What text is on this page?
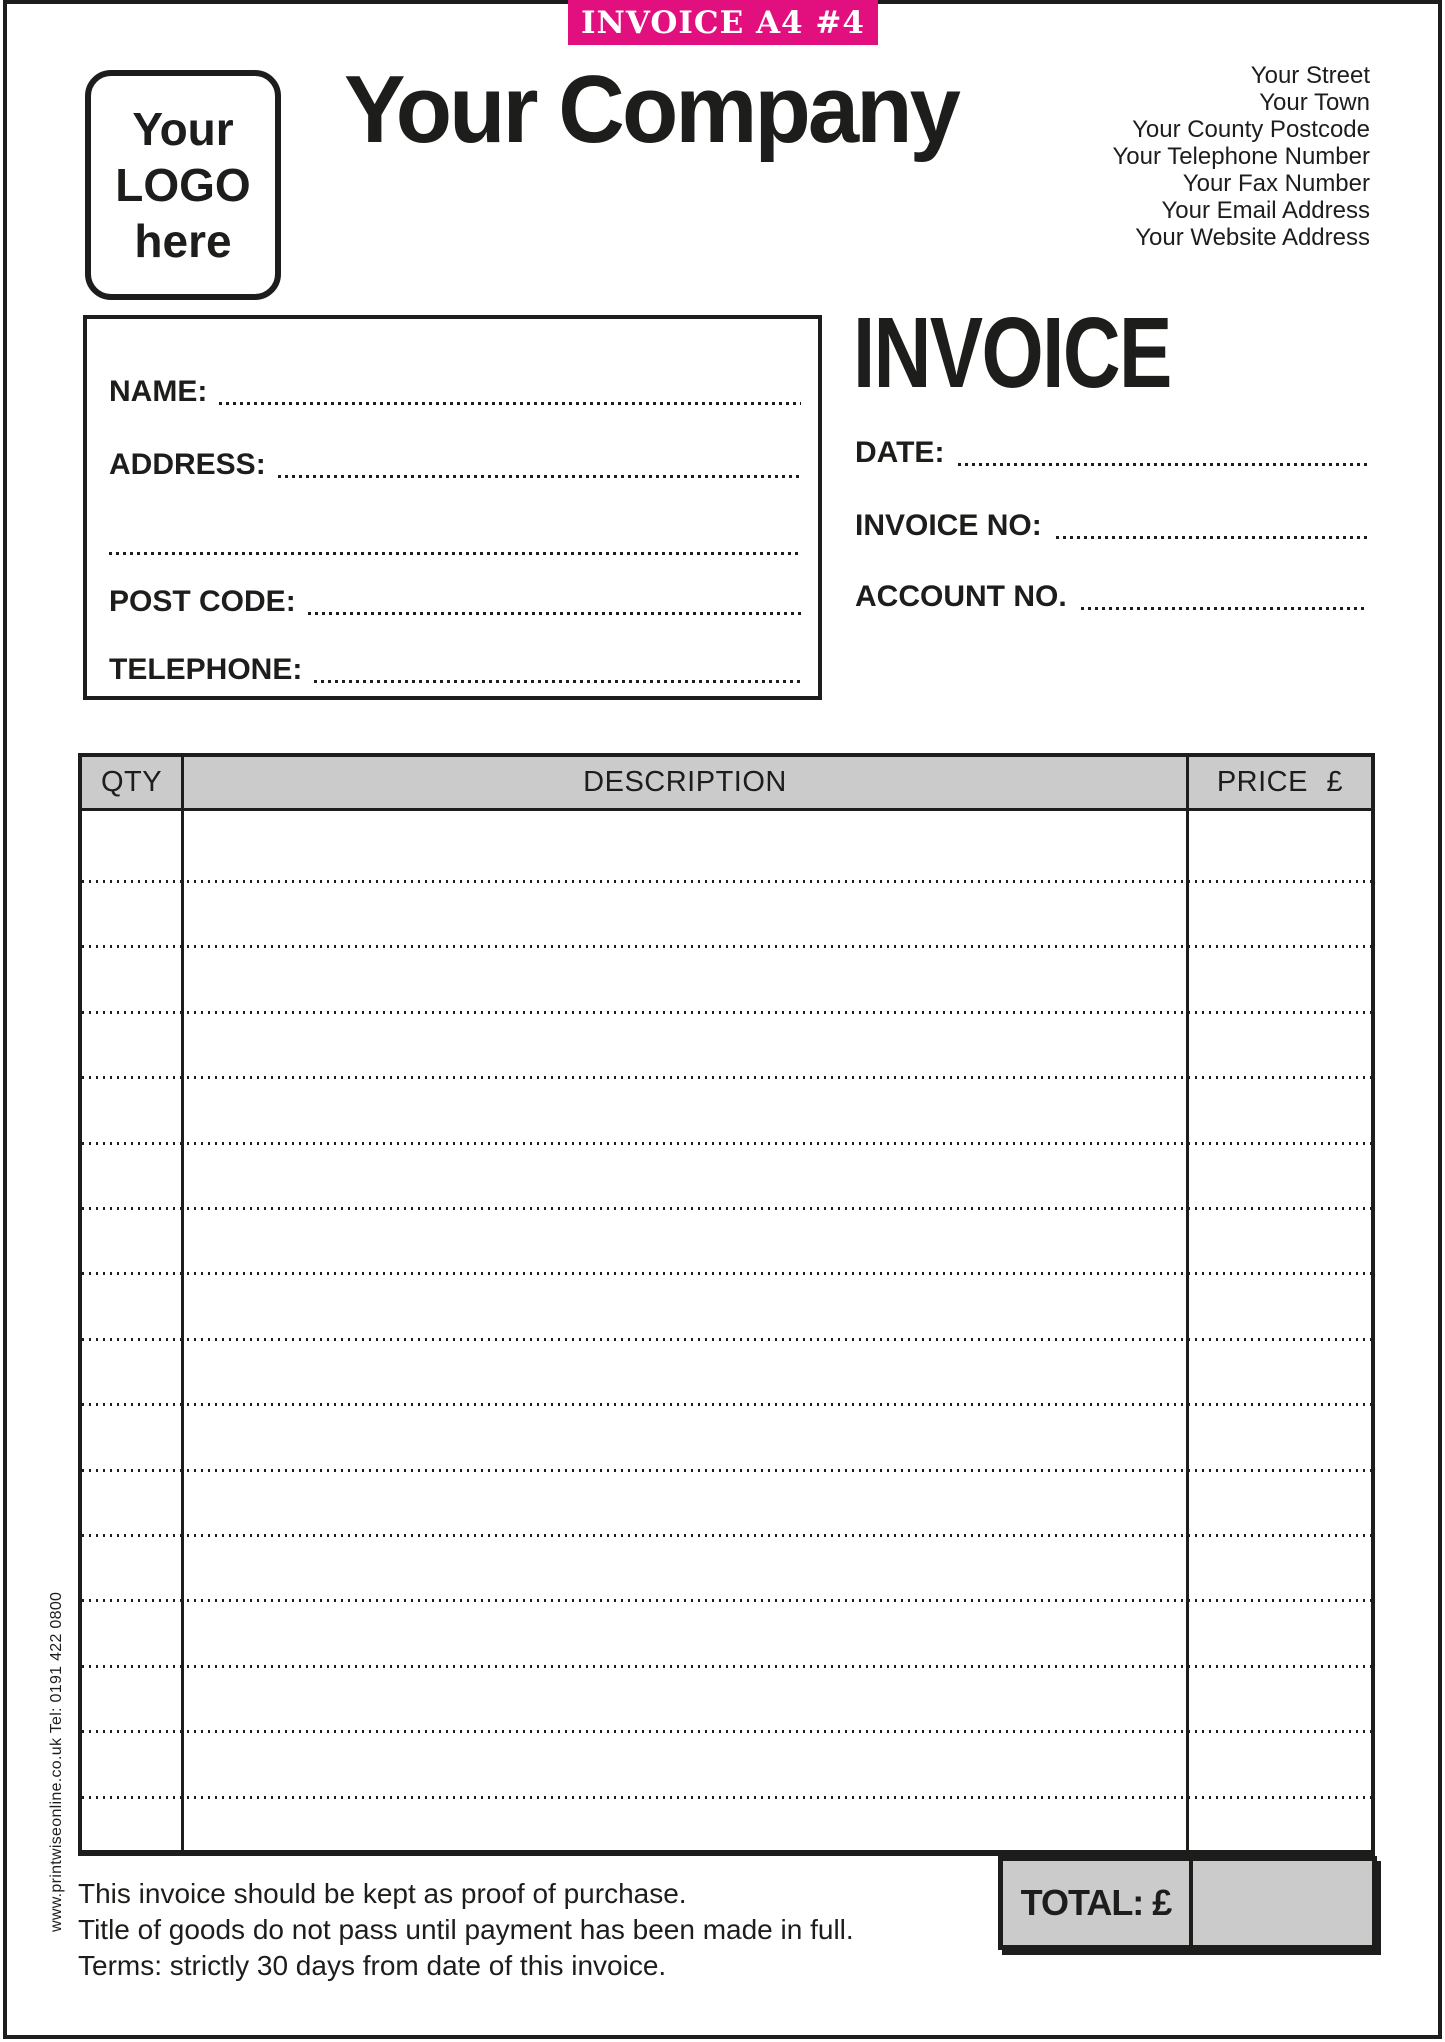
INVOICE A4 #4
Your
LOGO
here
Your Company	Your Street
Your Town
Your County Postcode
Your Telephone Number
Your Fax Number
Your Email Address
Your Website Address
NAME:
ADDRESS:
POST CODE:
TELEPHONE:
INVOICE
DATE:
INVOICE NO:
ACCOUNT NO.
QTY	DESCRIPTION	PRICE £
TOTAL: £
This invoice should be kept as proof of purchase.
Title of goods do not pass until payment has been made in full.
Terms: strictly 30 days from date of this invoice.
www.printwiseonline.co.uk Tel: 0191 422 0800
